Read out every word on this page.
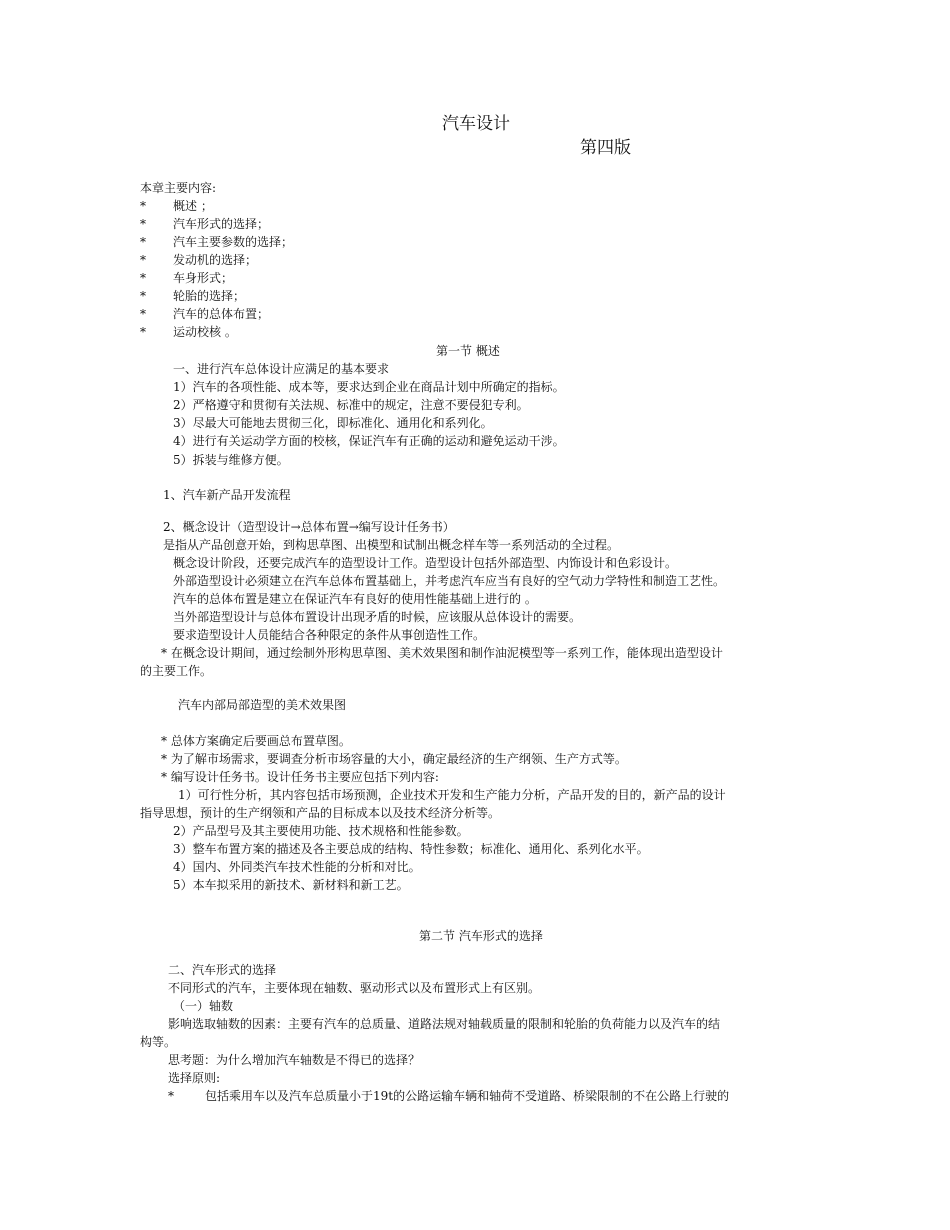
汽车设计
第四版
本章主要内容:
* 概述 ；
* 汽车形式的选择；
* 汽车主要参数的选择；
* 发动机的选择；
* 车身形式；
* 轮胎的选择；
* 汽车的总体布置；
* 运动校核 。
第一节 概述
一、进行汽车总体设计应满足的基本要求
1）汽车的各项性能、成本等，要求达到企业在商品计划中所确定的指标。
2）严格遵守和贯彻有关法规、标准中的规定，注意不要侵犯专利。
3）尽最大可能地去贯彻三化，即标准化、通用化和系列化。
4）进行有关运动学方面的校核，保证汽车有正确的运动和避免运动干涉。
5）拆装与维修方便。
1、汽车新产品开发流程
2、概念设计（造型设计→总体布置→编写设计任务书）
是指从产品创意开始，到构思草图、出模型和试制出概念样车等一系列活动的全过程。
概念设计阶段，还要完成汽车的造型设计工作。造型设计包括外部造型、内饰设计和色彩设计。
外部造型设计必须建立在汽车总体布置基础上，并考虑汽车应当有良好的空气动力学特性和制造工艺性。
汽车的总体布置是建立在保证汽车有良好的使用性能基础上进行的 。
当外部造型设计与总体布置设计出现矛盾的时候，应该服从总体设计的需要。
要求造型设计人员能结合各种限定的条件从事创造性工作。
* 在概念设计期间，通过绘制外形构思草图、美术效果图和制作油泥模型等一系列工作，能体现出造型设计
的主要工作。
汽车内部局部造型的美术效果图
* 总体方案确定后要画总布置草图。
* 为了解市场需求，要调查分析市场容量的大小，确定最经济的生产纲领、生产方式等。
* 编写设计任务书。设计任务书主要应包括下列内容:
1）可行性分析，其内容包括市场预测，企业技术开发和生产能力分析，产品开发的目的，新产品的设计
指导思想，预计的生产纲领和产品的目标成本以及技术经济分析等。
2）产品型号及其主要使用功能、技术规格和性能参数。
3）整车布置方案的描述及各主要总成的结构、特性参数；标准化、通用化、系列化水平。
4）国内、外同类汽车技术性能的分析和对比。
5）本车拟采用的新技术、新材料和新工艺。
第二节 汽车形式的选择
二、汽车形式的选择
不同形式的汽车，主要体现在轴数、驱动形式以及布置形式上有区别。
（一）轴数
影响选取轴数的因素：主要有汽车的总质量、道路法规对轴载质量的限制和轮胎的负荷能力以及汽车的结
构等。
思考题：为什么增加汽车轴数是不得已的选择？
选择原则:
*	包括乘用车以及汽车总质量小于19t的公路运输车辆和轴荷不受道路、桥梁限制的不在公路上行驶的
